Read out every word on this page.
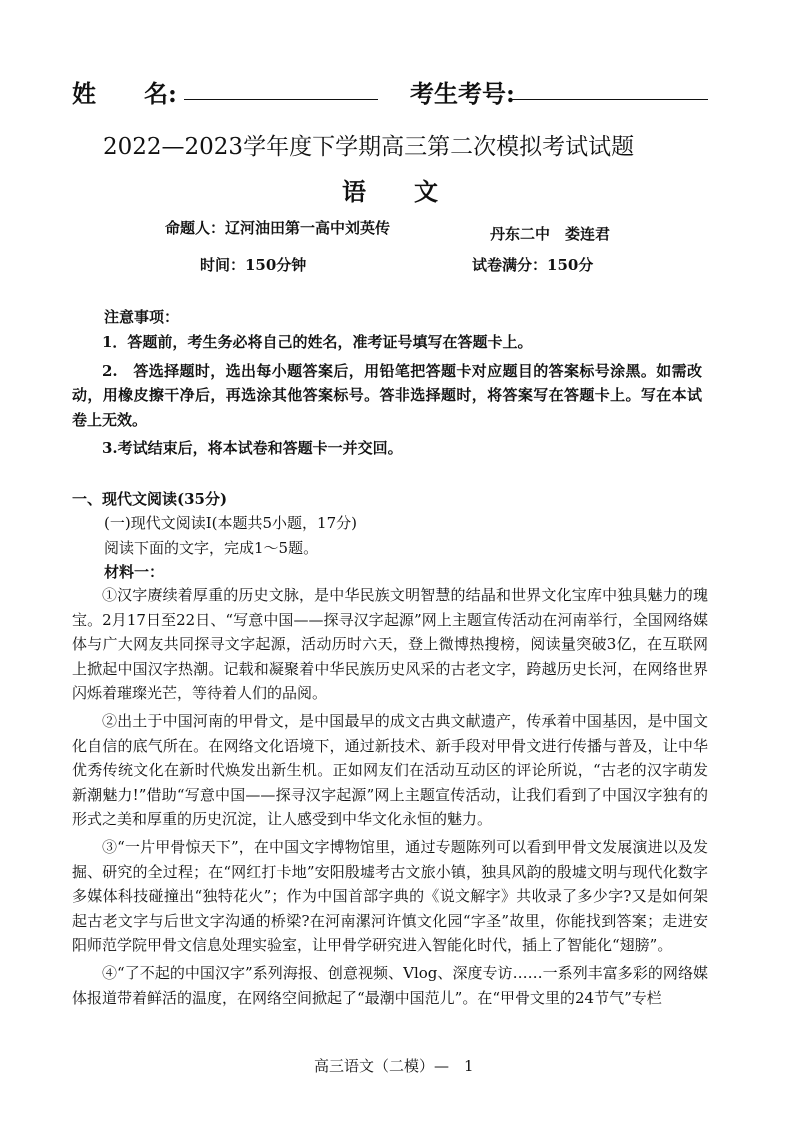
姓　　名:	考生考号:
2022—2023学年度下学期高三第二次模拟考试试题
语　　文
命题人：辽河油田第一高中刘英传	丹东二中　娄连君
时间：150分钟	试卷满分：150分
注意事项：

1．答题前，考生务必将自己的姓名，准考证号填写在答题卡上。

2.　答选择题时，选出每小题答案后，用铅笔把答题卡对应题目的答案标号涂黑。如需改 动，用橡皮擦干净后，再选涂其他答案标号。答非选择题时，将答案写在答题卡上。写在本试 卷上无效。

3.考试结束后，将本试卷和答题卡一并交回。

一、现代文阅读(35分)
(一)现代文阅读I(本题共5小题，17分)
阅读下面的文字，完成1～5题。
材料一：

①汉字赓续着厚重的历史文脉，是中华民族文明智慧的结晶和世界文化宝库中独具魅力的瑰宝。2月17日至22日、“写意中国——探寻汉字起源”网上主题宣传活动在河南举行，全国网络媒体与广大网友共同探寻文字起源，活动历时六天，登上微博热搜榜，阅读量突破3亿，在互联网上掀起中国汉字热潮。记载和凝聚着中华民族历史风采的古老文字，跨越历史长河，在网络世界闪烁着璀璨光芒，等待着人们的品阅。

②出土于中国河南的甲骨文，是中国最早的成文古典文献遗产，传承着中国基因，是中国文化自信的底气所在。在网络文化语境下，通过新技术、新手段对甲骨文进行传播与普及，让中华优秀传统文化在新时代焕发出新生机。正如网友们在活动互动区的评论所说，“古老的汉字萌发新潮魅力!”借助“写意中国——探寻汉字起源”网上主题宣传活动，让我们看到了中国汉字独有的形式之美和厚重的历史沉淀，让人感受到中华文化永恒的魅力。

③“一片甲骨惊天下”，在中国文字博物馆里，通过专题陈列可以看到甲骨文发展演进以及发掘、研究的全过程；在“网红打卡地”安阳殷墟考古文旅小镇，独具风韵的殷墟文明与现代化数字多媒体科技碰撞出“独特花火”；作为中国首部字典的《说文解字》共收录了多少字?又是如何架起古老文字与后世文字沟通的桥梁?在河南漯河许慎文化园“字圣”故里，你能找到答案；走进安阳师范学院甲骨文信息处理实验室，让甲骨学研究进入智能化时代，插上了智能化“翅膀”。

④“了不起的中国汉字”系列海报、创意视频、Vlog、深度专访……一系列丰富多彩的网络媒体报道带着鲜活的温度，在网络空间掀起了“最潮中国范儿”。在“甲骨文里的24节气”专栏

高三语文（二模）—　1
